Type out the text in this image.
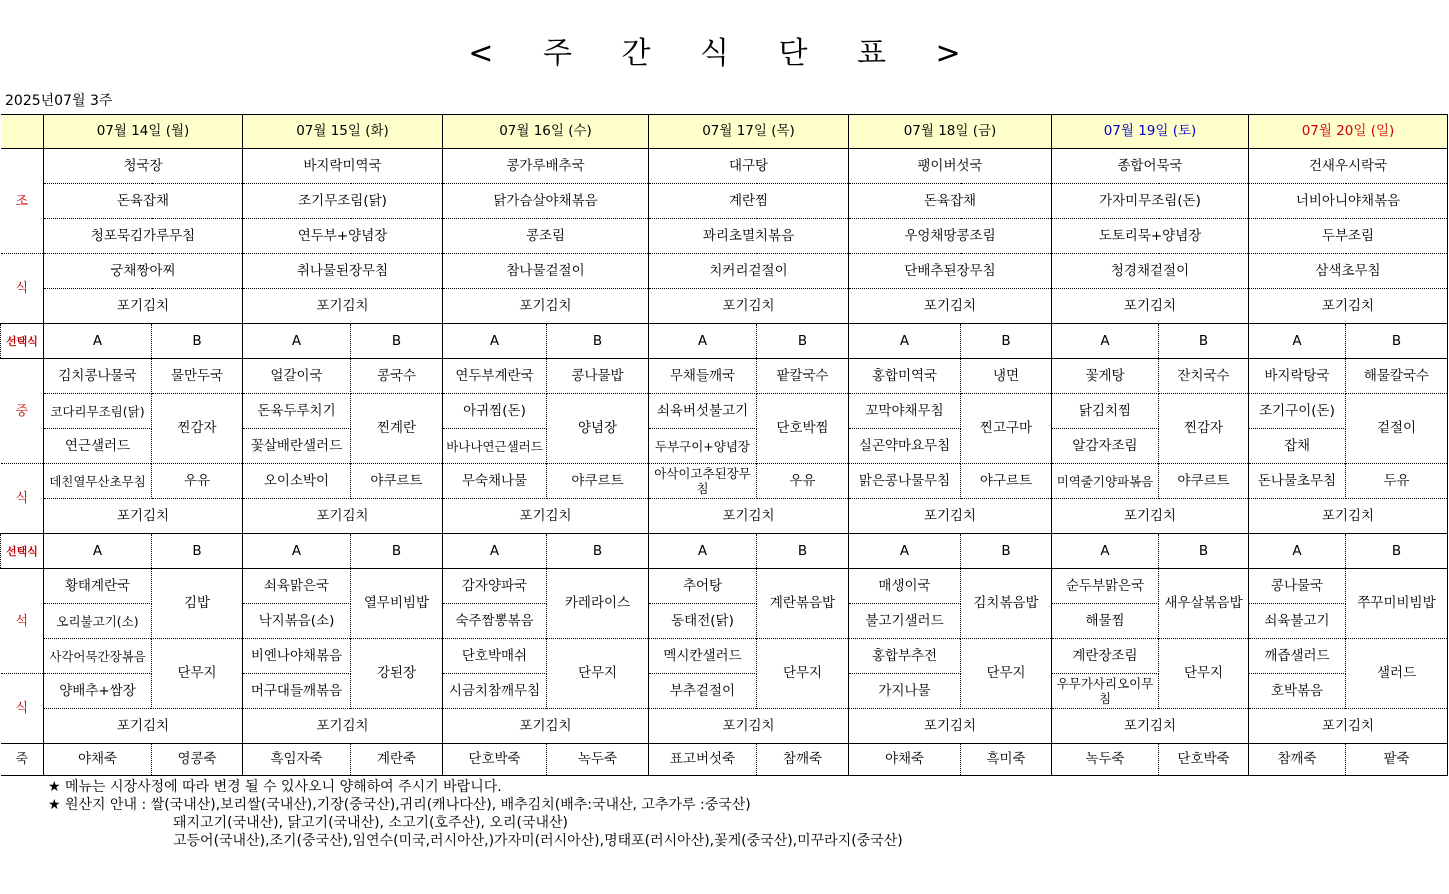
< 주 간 식 단 표 >
2025년07월 3주
	07월 14일 (월)		07월 15일 (화)		07월 16일 (수)		07월 17일 (목)		07월 18일 (금)		07월 19일 (토)		07월 20일 (일)	
조	청국장		바지락미역국		콩가루배추국		대구탕		팽이버섯국		종합어묵국		건새우시락국	
	돈육잡채		조기무조림(닭)		닭가슴살야채볶음		계란찜		돈육잡채		가자미무조림(돈)		너비아니야채볶음	
	청포묵김가루무침		연두부+양념장		콩조림		꽈리초멸치볶음		우엉채땅콩조림		도토리묵+양념장		두부조림	
식	궁채짱아찌		취나물된장무침		참나물겉절이		치커리겉절이		단배추된장무침		청경채겉절이		삼색초무침	
	포기김치		포기김치		포기김치		포기김치		포기김치		포기김치		포기김치	
선택식	A	B	A	B	A	B	A	B	A	B	A	B	A	B
중	김치콩나물국	물만두국	얼갈이국	콩국수	연두부계란국	콩나물밥	무채들깨국	팥칼국수	홍합미역국	냉면	꽃게탕	잔치국수	바지락탕국	해물칼국수
	코다리무조림(닭)	찐감자	돈육두루치기	찐계란	아귀찜(돈)	양념장	쇠육버섯불고기	단호박찜	꼬막야채무침	찐고구마	닭김치찜	찐감자	조기구이(돈)	겉절이
	연근샐러드		꽃살배란샐러드		바나나연근샐러드		두부구이+양념장		실곤약마요무침		알감자조림		잡채	
식	데친열무산초무침	우유	오이소박이	야쿠르트	무숙채나물	야쿠르트	아삭이고추된장무침	우유	맑은콩나물무침	야구르트	미역줄기양파볶음	야쿠르트	돈나물초무침	두유
	포기김치		포기김치		포기김치		포기김치		포기김치		포기김치		포기김치	
선택식	A	B	A	B	A	B	A	B	A	B	A	B	A	B
석	황태계란국	김밥	쇠육맑은국	열무비빔밥	감자양파국	카레라이스	추어탕	계란볶음밥	매생이국	김치볶음밥	순두부맑은국	새우살볶음밥	콩나물국	쭈꾸미비빔밥
	오리불고기(소)		낙지볶음(소)		숙주짬뽕볶음		동태전(닭)		불고기샐러드		해물찜		쇠육불고기	
	사각어묵간장볶음	단무지	비엔나야채볶음	강된장	단호박매쉬	단무지	멕시칸샐러드	단무지	홍합부추전	단무지	계란장조림	단무지	깨즙샐러드	샐러드
식	양배추+쌈장		머구대들깨볶음		시금치참깨무침		부추겉절이		가지나물		우무가사리오이무침		호박볶음	
	포기김치		포기김치		포기김치		포기김치		포기김치		포기김치		포기김치	
죽	야채죽	영콩죽	흑임자죽	계란죽	단호박죽	녹두죽	표고버섯죽	참깨죽	야채죽	흑미죽	녹두죽	단호박죽	참깨죽	팥죽
★ 메뉴는 시장사정에 따라 변경 될 수 있사오니 양해하여 주시기 바랍니다.
★ 원산지 안내 : 쌀(국내산),보리쌀(국내산),기장(중국산),귀리(캐나다산), 배추김치(배추:국내산, 고추가루 :중국산)
돼지고기(국내산), 닭고기(국내산), 소고기(호주산), 오리(국내산)
고등어(국내산),조기(중국산),임연수(미국,러시아산,)가자미(러시아산),명태포(러시아산),꽃게(중국산),미꾸라지(중국산)
